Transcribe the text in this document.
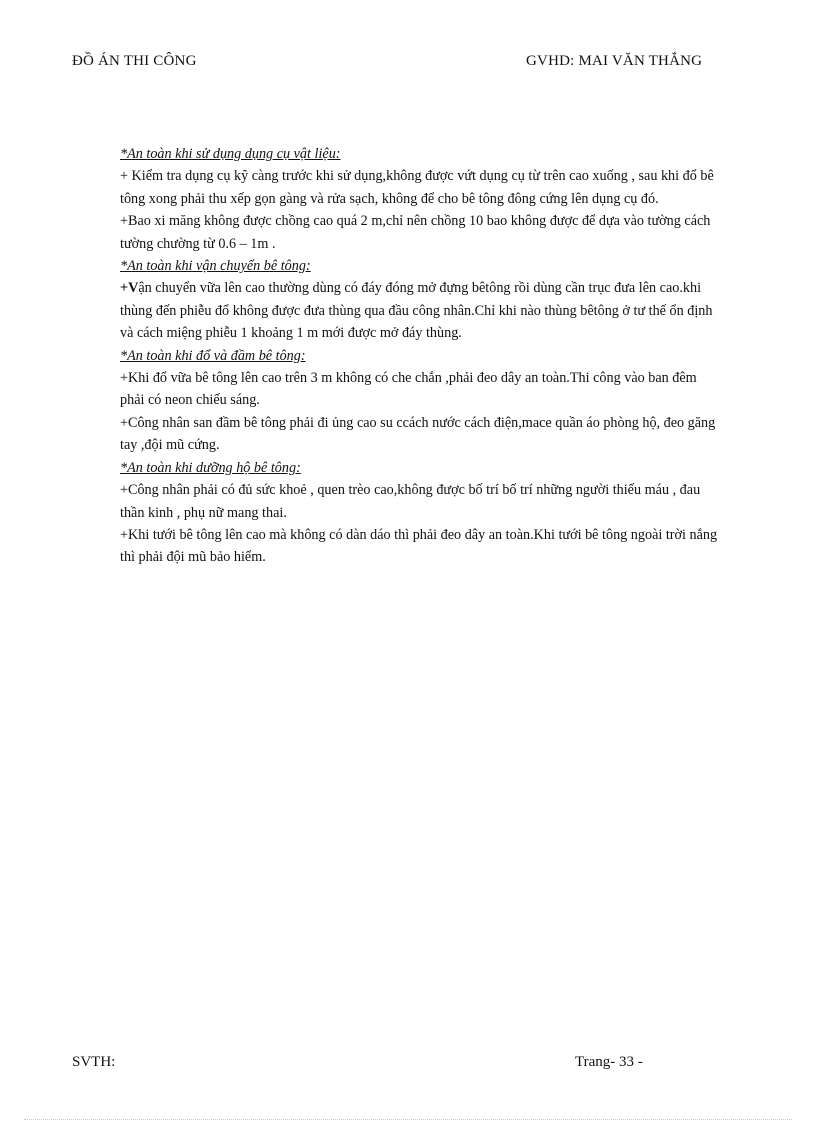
ĐỒ ÁN THI CÔNG	GVHD: MAI VĂN THẮNG

*An toàn khi sử dụng dụng cụ vật liệu:

+ Kiểm tra dụng cụ kỹ càng trước khi sử dụng,không được vứt dụng cụ từ trên cao xuống , sau khi đổ bê tông xong phải thu xếp gọn gàng và rửa sạch, không để cho bê tông đông cứng lên dụng cụ đó.

+Bao xi măng không được chồng cao quá 2 m,chỉ nên chồng 10 bao không được để dựa vào tường cách tường chường từ 0.6 – 1m .

*An toàn khi vận chuyển bê tông:

+Vận chuyển vữa lên cao thường dùng có đáy đóng mở đựng bêtông rồi dùng cần trục đưa lên cao.khi thùng đến phiễu đổ không được đưa thùng qua đầu công nhân.Chỉ khi nào thùng bêtông ở tư thế ổn định và cách miệng phiễu 1 khoảng 1 m mới được mở đáy thùng.

*An toàn khi đổ và đầm bê tông:

+Khi đổ vữa bê tông lên cao trên 3 m không có che chắn ,phải đeo dây an toàn.Thi công vào ban đêm phải có neon chiếu sáng.

+Công nhân san đầm bê tông phải đi ủng cao su ccách nước cách điện,mace quần áo phòng hộ, đeo găng tay ,đội mũ cứng.

*An toàn khi dưỡng hộ bê tông:

+Công nhân phải có đủ sức khoẻ , quen trèo cao,không được bố trí bố trí những người thiếu máu , đau thần kinh , phụ nữ mang thai.

+Khi tưới bê tông lên cao mà không có dàn dáo thì phải đeo dây an toàn.Khi tưới bê tông ngoài trời nắng thì phải đội mũ bảo hiểm.

SVTH:	Trang- 33 -
